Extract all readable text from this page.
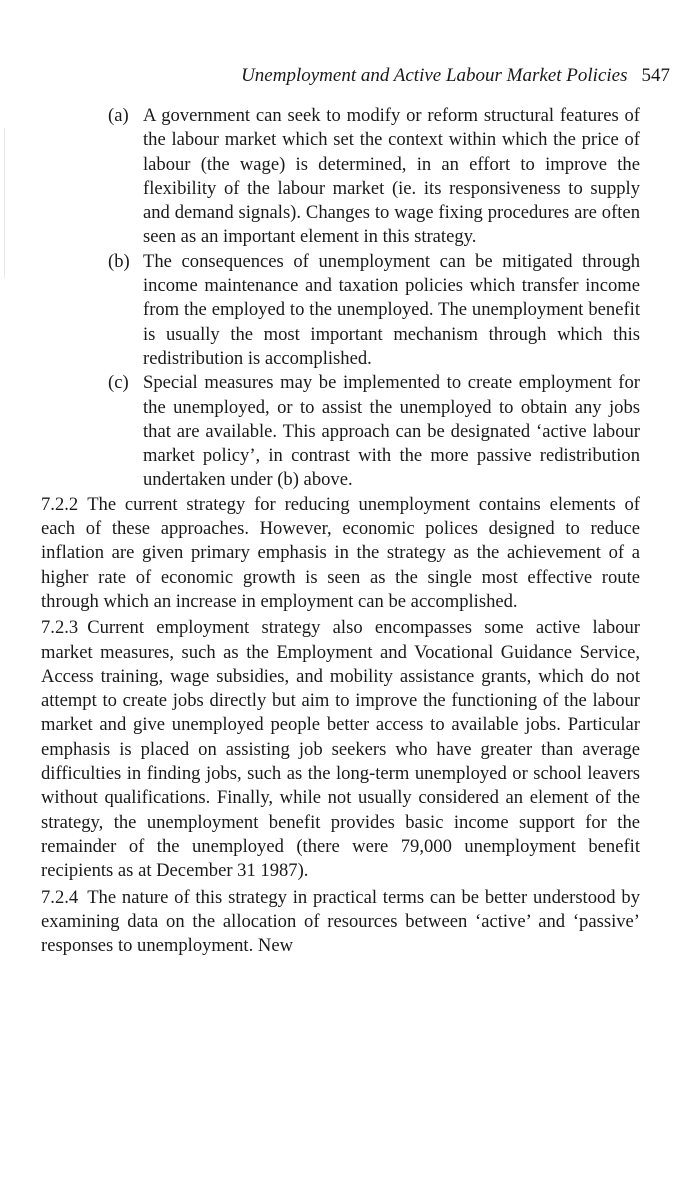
Unemployment and Active Labour Market Policies 547

(a) A government can seek to modify or reform structural features of the labour market which set the context within which the price of labour (the wage) is determined, in an effort to improve the flexibility of the labour market (ie. its responsiveness to supply and demand signals). Changes to wage fixing procedures are often seen as an important element in this strategy.

(b) The consequences of unemployment can be mitigated through income maintenance and taxation policies which transfer income from the employed to the unemployed. The unemployment benefit is usually the most important mechanism through which this redistribution is accomplished.

(c) Special measures may be implemented to create employment for the unemployed, or to assist the unemployed to obtain any jobs that are available. This approach can be designated ‘active labour market policy’, in contrast with the more passive redistribution undertaken under (b) above.

7.2.2 The current strategy for reducing unemployment contains elements of each of these approaches. However, economic polices designed to reduce inflation are given primary emphasis in the strategy as the achievement of a higher rate of economic growth is seen as the single most effective route through which an increase in employment can be accomplished.

7.2.3 Current employment strategy also encompasses some active labour market measures, such as the Employment and Vocational Guidance Service, Access training, wage subsidies, and mobility assistance grants, which do not attempt to create jobs directly but aim to improve the functioning of the labour market and give unemployed people better access to available jobs. Particular emphasis is placed on assisting job seekers who have greater than average difficulties in finding jobs, such as the long-term unemployed or school leavers without qualifications. Finally, while not usually considered an element of the strategy, the unemployment benefit provides basic income support for the remainder of the unemployed (there were 79,000 unemployment benefit recipients as at December 31 1987).

7.2.4 The nature of this strategy in practical terms can be better understood by examining data on the allocation of resources between ‘active’ and ‘passive’ responses to unemployment. New
